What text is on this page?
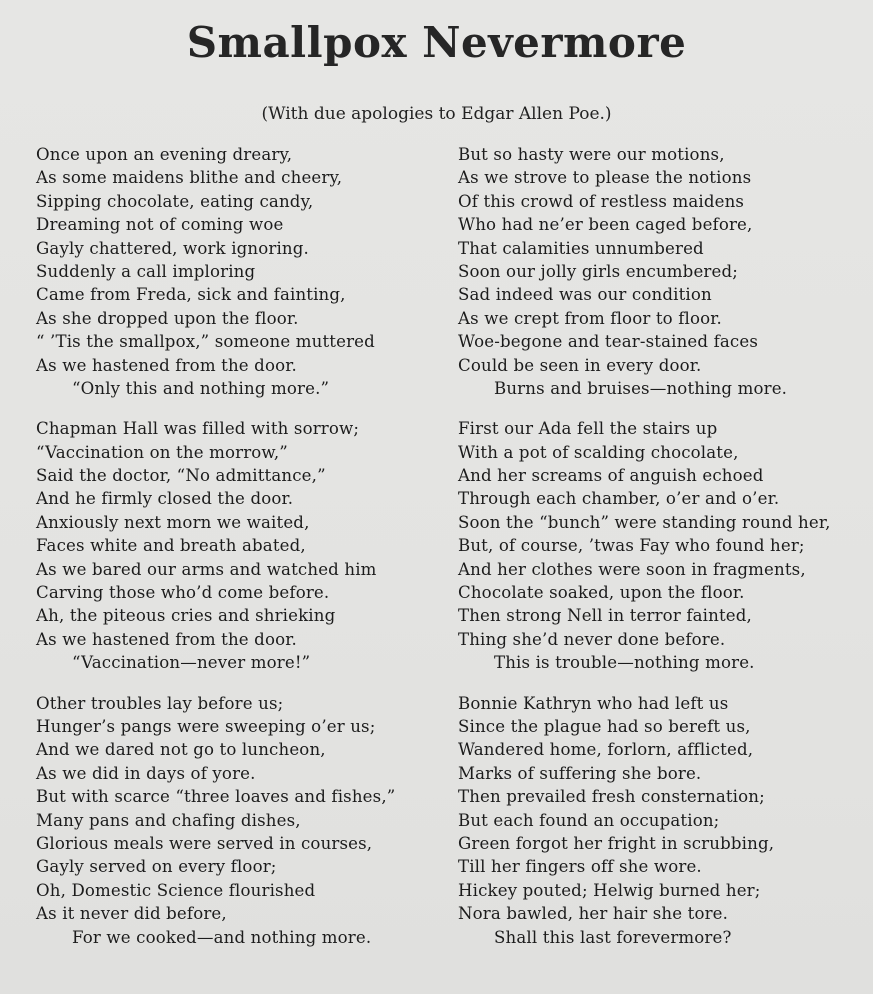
Smallpox Nevermore

(With due apologies to Edgar Allen Poe.)

Once upon an evening dreary,
As some maidens blithe and cheery,
Sipping chocolate, eating candy,
Dreaming not of coming woe
Gayly chattered, work ignoring.
Suddenly a call imploring
Came from Freda, sick and fainting,
As she dropped upon the floor.
“ ’Tis the smallpox,” someone muttered
As we hastened from the door.
“Only this and nothing more.”
Chapman Hall was filled with sorrow;
“Vaccination on the morrow,”
Said the doctor, “No admittance,”
And he firmly closed the door.
Anxiously next morn we waited,
Faces white and breath abated,
As we bared our arms and watched him
Carving those who’d come before.
Ah, the piteous cries and shrieking
As we hastened from the door.
“Vaccination—never more!”
Other troubles lay before us;
Hunger’s pangs were sweeping o’er us;
And we dared not go to luncheon,
As we did in days of yore.
But with scarce “three loaves and fishes,”
Many pans and chafing dishes,
Glorious meals were served in courses,
Gayly served on every floor;
Oh, Domestic Science flourished
As it never did before,
For we cooked—and nothing more.
But so hasty were our motions,
As we strove to please the notions
Of this crowd of restless maidens
Who had ne’er been caged before,
That calamities unnumbered
Soon our jolly girls encumbered;
Sad indeed was our condition
As we crept from floor to floor.
Woe-begone and tear-stained faces
Could be seen in every door.
Burns and bruises—nothing more.
First our Ada fell the stairs up
With a pot of scalding chocolate,
And her screams of anguish echoed
Through each chamber, o’er and o’er.
Soon the “bunch” were standing round her,
But, of course, ’twas Fay who found her;
And her clothes were soon in fragments,
Chocolate soaked, upon the floor.
Then strong Nell in terror fainted,
Thing she’d never done before.
This is trouble—nothing more.
Bonnie Kathryn who had left us
Since the plague had so bereft us,
Wandered home, forlorn, afflicted,
Marks of suffering she bore.
Then prevailed fresh consternation;
But each found an occupation;
Green forgot her fright in scrubbing,
Till her fingers off she wore.
Hickey pouted; Helwig burned her;
Nora bawled, her hair she tore.
Shall this last forevermore?
